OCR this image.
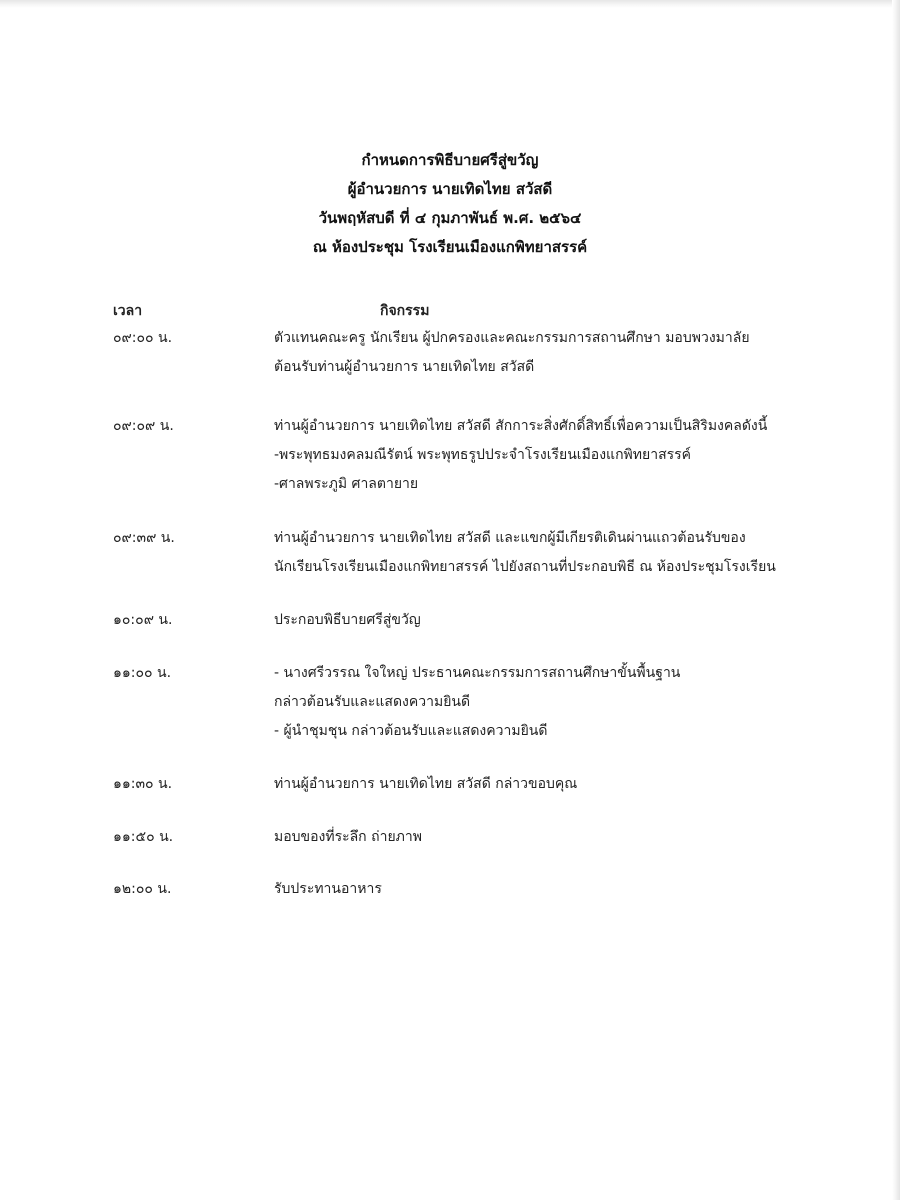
กำหนดการพิธีบายศรีสู่ขวัญ
ผู้อำนวยการ นายเทิดไทย สวัสดี
วันพฤหัสบดี ที่ ๔ กุมภาพันธ์ พ.ศ. ๒๕๖๔
ณ ห้องประชุม โรงเรียนเมืองแกพิทยาสรรค์
เวลา	กิจกรรม
๐๙:๐๐ น.	ตัวแทนคณะครู นักเรียน ผู้ปกครองและคณะกรรมการสถานศึกษา มอบพวงมาลัย
ต้อนรับท่านผู้อำนวยการ นายเทิดไทย สวัสดี
๐๙:๐๙ น.	ท่านผู้อำนวยการ นายเทิดไทย สวัสดี สักการะสิ่งศักดิ์สิทธิ์เพื่อความเป็นสิริมงคลดังนี้
-พระพุทธมงคลมณีรัตน์ พระพุทธรูปประจำโรงเรียนเมืองแกพิทยาสรรค์
-ศาลพระภูมิ ศาลตายาย
๐๙:๓๙ น.	ท่านผู้อำนวยการ นายเทิดไทย สวัสดี และแขกผู้มีเกียรติเดินผ่านแถวต้อนรับของ
นักเรียนโรงเรียนเมืองแกพิทยาสรรค์ ไปยังสถานที่ประกอบพิธี ณ ห้องประชุมโรงเรียน
๑๐:๐๙ น.	ประกอบพิธีบายศรีสู่ขวัญ
๑๑:๐๐ น.	- นางศรีวรรณ ใจใหญ่ ประธานคณะกรรมการสถานศึกษาขั้นพื้นฐาน
กล่าวต้อนรับและแสดงความยินดี
- ผู้นำชุมชุน กล่าวต้อนรับและแสดงความยินดี
๑๑:๓๐ น.	ท่านผู้อำนวยการ นายเทิดไทย สวัสดี กล่าวขอบคุณ
๑๑:๕๐ น.	มอบของที่ระลึก ถ่ายภาพ
๑๒:๐๐ น.	รับประทานอาหาร
